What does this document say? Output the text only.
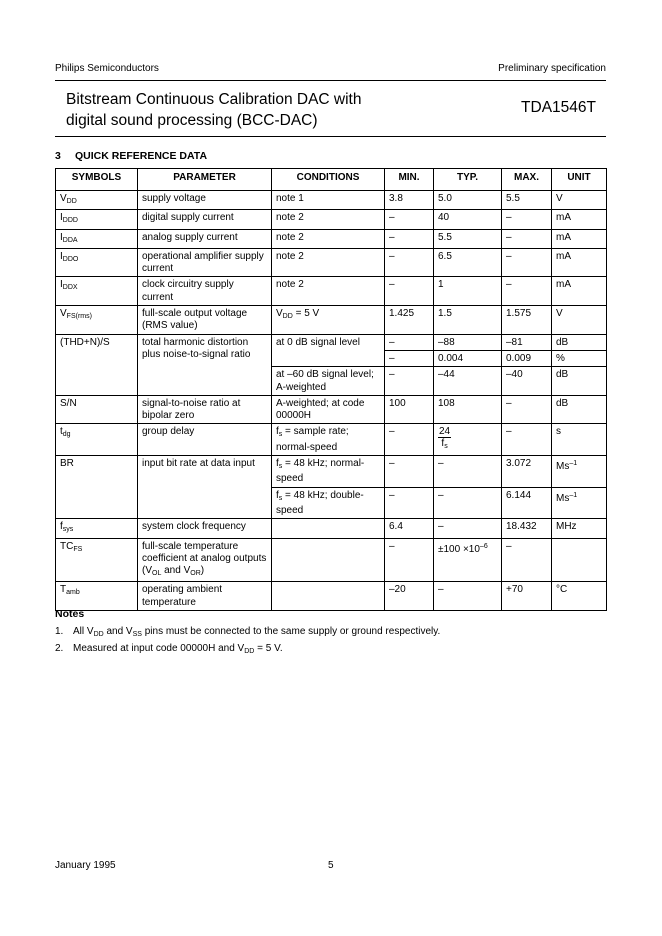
Philips Semiconductors	Preliminary specification
Bitstream Continuous Calibration DAC with
digital sound processing (BCC-DAC)
TDA1546T
3 QUICK REFERENCE DATA
SYMBOLS	PARAMETER	CONDITIONS	MIN.	TYP.	MAX.	UNIT
$V_{DD}$	supply voltage	note 1	3.8	5.0	5.5	V
$I_{DDD}$	digital supply current	note 2	–	40	–	mA
$I_{DDA}$	analog supply current	note 2	–	5.5	–	mA
$I_{DDO}$	operational amplifier supply current	note 2	–	6.5	–	mA
$I_{DDX}$	clock circuitry supply current	note 2	–	1	–	mA
$V_{FS(rms)}$	full-scale output voltage (RMS value)	$V_{DD} = 5$ V	1.425	1.5	1.575	V
(THD+N)/S	total harmonic distortion plus noise-to-signal ratio	at 0 dB signal level	–	–88	–81	dB
			–	0.004	0.009	%
		at –60 dB signal level; A-weighted	–	–44	–40	dB
S/N	signal-to-noise ratio at bipolar zero	A-weighted; at code 00000H	100	108	–	dB
$t_{dg}$	group delay	$f_s$ = sample rate; normal-speed	–	$\frac{24}{f_s}$	–	s
BR	input bit rate at data input	$f_s = 48$ kHz; normal-speed	–	–	3.072	$Ms^{-1}$
		$f_s = 48$ kHz; double-speed	–	–	6.144	$Ms^{-1}$
$f_{sys}$	system clock frequency		6.4	–	18.432	MHz
$TC_{FS}$	full-scale temperature coefficient at analog outputs ($V_{OL}$ and $V_{OR}$)		–	$\pm 100 \times 10^{-6}$	–	
$T_{amb}$	operating ambient temperature		–20	–	+70	°C
Notes
1. All $V_{DD}$ and $V_{SS}$ pins must be connected to the same supply or ground respectively.
2. Measured at input code 00000H and $V_{DD} = 5$ V.
January 1995	5
